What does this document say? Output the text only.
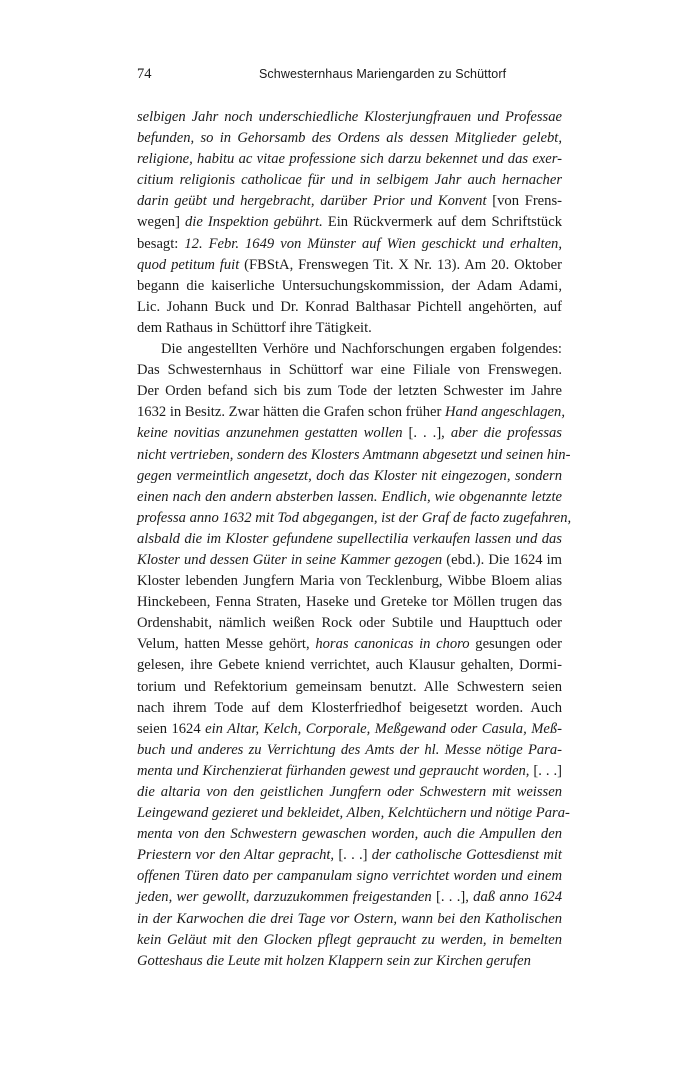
74	Schwesternhaus Mariengarden zu Schüttorf
selbigen Jahr noch underschiedliche Klosterjungfrauen und Professae
befunden, so in Gehorsamb des Ordens als dessen Mitglieder gelebt,
religione, habitu ac vitae professione sich darzu bekennet und das exer-
citium religionis catholicae für und in selbigem Jahr auch hernacher
darin geübt und hergebracht, darüber Prior und Konvent [von Frens-
wegen] die Inspektion gebührt. Ein Rückvermerk auf dem Schriftstück
besagt: 12. Febr. 1649 von Münster auf Wien geschickt und erhalten,
quod petitum fuit (FBStA, Frenswegen Tit. X Nr. 13). Am 20. Oktober
begann die kaiserliche Untersuchungskommission, der Adam Adami,
Lic. Johann Buck und Dr. Konrad Balthasar Pichtell angehörten, auf
dem Rathaus in Schüttorf ihre Tätigkeit.
Die angestellten Verhöre und Nachforschungen ergaben folgendes:
Das Schwesternhaus in Schüttorf war eine Filiale von Frenswegen.
Der Orden befand sich bis zum Tode der letzten Schwester im Jahre
1632 in Besitz. Zwar hätten die Grafen schon früher Hand angeschlagen,
keine novitias anzunehmen gestatten wollen [. . .], aber die professas
nicht vertrieben, sondern des Klosters Amtmann abgesetzt und seinen hin-
gegen vermeintlich angesetzt, doch das Kloster nit eingezogen, sondern
einen nach den andern absterben lassen. Endlich, wie obgenannte letzte
professa anno 1632 mit Tod abgegangen, ist der Graf de facto zugefahren,
alsbald die im Kloster gefundene supellectilia verkaufen lassen und das
Kloster und dessen Güter in seine Kammer gezogen (ebd.). Die 1624 im
Kloster lebenden Jungfern Maria von Tecklenburg, Wibbe Bloem alias
Hinckebeen, Fenna Straten, Haseke und Greteke tor Möllen trugen das
Ordenshabit, nämlich weißen Rock oder Subtile und Haupttuch oder
Velum, hatten Messe gehört, horas canonicas in choro gesungen oder
gelesen, ihre Gebete kniend verrichtet, auch Klausur gehalten, Dormi-
torium und Refektorium gemeinsam benutzt. Alle Schwestern seien
nach ihrem Tode auf dem Klosterfriedhof beigesetzt worden. Auch
seien 1624 ein Altar, Kelch, Corporale, Meßgewand oder Casula, Meß-
buch und anderes zu Verrichtung des Amts der hl. Messe nötige Para-
menta und Kirchenzierat fürhanden gewest und gepraucht worden, [. . .]
die altaria von den geistlichen Jungfern oder Schwestern mit weissen
Leingewand gezieret und bekleidet, Alben, Kelchtüchern und nötige Para-
menta von den Schwestern gewaschen worden, auch die Ampullen den
Priestern vor den Altar gepracht, [. . .] der catholische Gottesdienst mit
offenen Türen dato per campanulam signo verrichtet worden und einem
jeden, wer gewollt, darzuzukommen freigestanden [. . .], daß anno 1624
in der Karwochen die drei Tage vor Ostern, wann bei den Katholischen
kein Geläut mit den Glocken pflegt gepraucht zu werden, in bemelten
Gotteshaus die Leute mit holzen Klappern sein zur Kirchen gerufen
